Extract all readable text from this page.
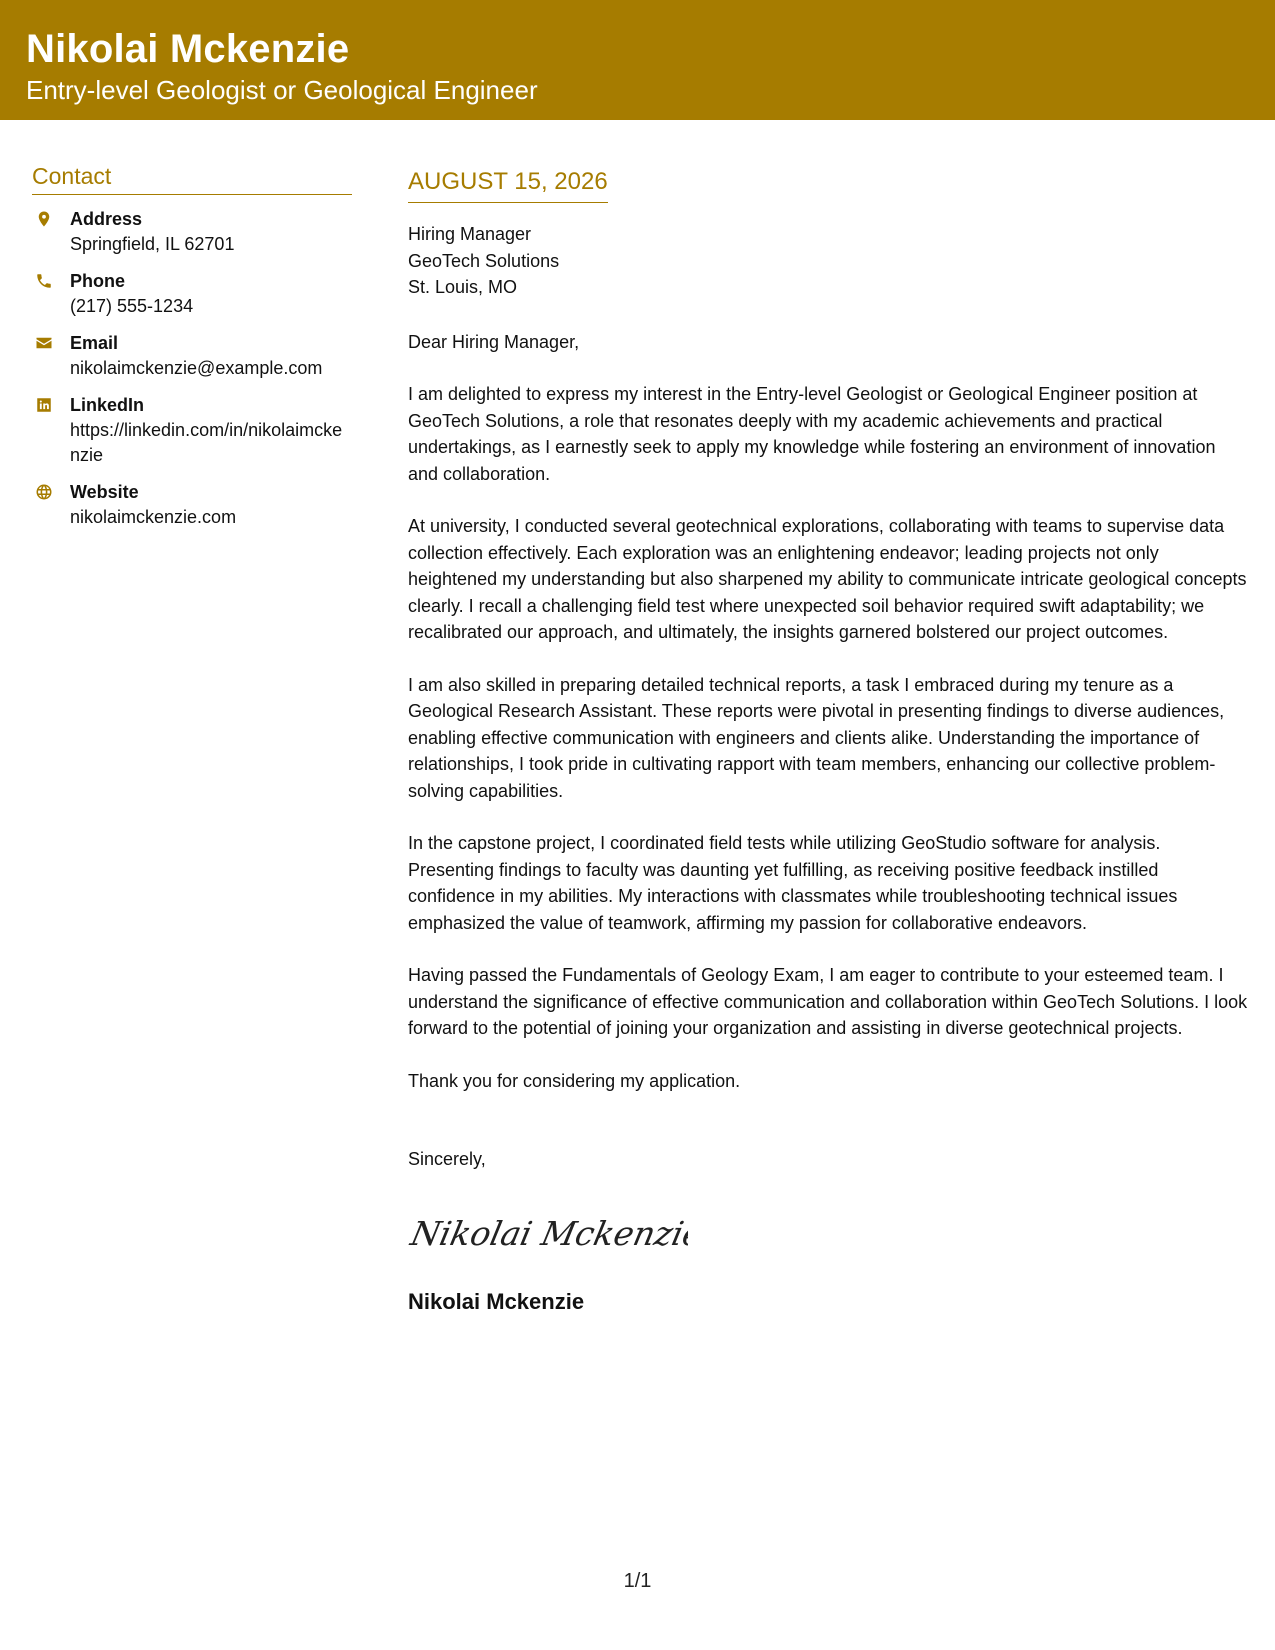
Nikolai Mckenzie
Entry-level Geologist or Geological Engineer
Contact
Address
Springfield, IL 62701
Phone
(217) 555-1234
Email
nikolaimckenzie@example.com
LinkedIn
https://linkedin.com/in/nikolaimckenzie
Website
nikolaimckenzie.com
AUGUST 15, 2026
Hiring Manager
GeoTech Solutions
St. Louis, MO
Dear Hiring Manager,
I am delighted to express my interest in the Entry-level Geologist or Geological Engineer position at GeoTech Solutions, a role that resonates deeply with my academic achievements and practical undertakings, as I earnestly seek to apply my knowledge while fostering an environment of innovation and collaboration.
At university, I conducted several geotechnical explorations, collaborating with teams to supervise data collection effectively. Each exploration was an enlightening endeavor; leading projects not only heightened my understanding but also sharpened my ability to communicate intricate geological concepts clearly. I recall a challenging field test where unexpected soil behavior required swift adaptability; we recalibrated our approach, and ultimately, the insights garnered bolstered our project outcomes.
I am also skilled in preparing detailed technical reports, a task I embraced during my tenure as a Geological Research Assistant. These reports were pivotal in presenting findings to diverse audiences, enabling effective communication with engineers and clients alike. Understanding the importance of relationships, I took pride in cultivating rapport with team members, enhancing our collective problem-solving capabilities.
In the capstone project, I coordinated field tests while utilizing GeoStudio software for analysis. Presenting findings to faculty was daunting yet fulfilling, as receiving positive feedback instilled confidence in my abilities. My interactions with classmates while troubleshooting technical issues emphasized the value of teamwork, affirming my passion for collaborative endeavors.
Having passed the Fundamentals of Geology Exam, I am eager to contribute to your esteemed team. I understand the significance of effective communication and collaboration within GeoTech Solutions. I look forward to the potential of joining your organization and assisting in diverse geotechnical projects.
Thank you for considering my application.
Sincerely,
Nikolai Mckenzie
Nikolai Mckenzie
1/1
